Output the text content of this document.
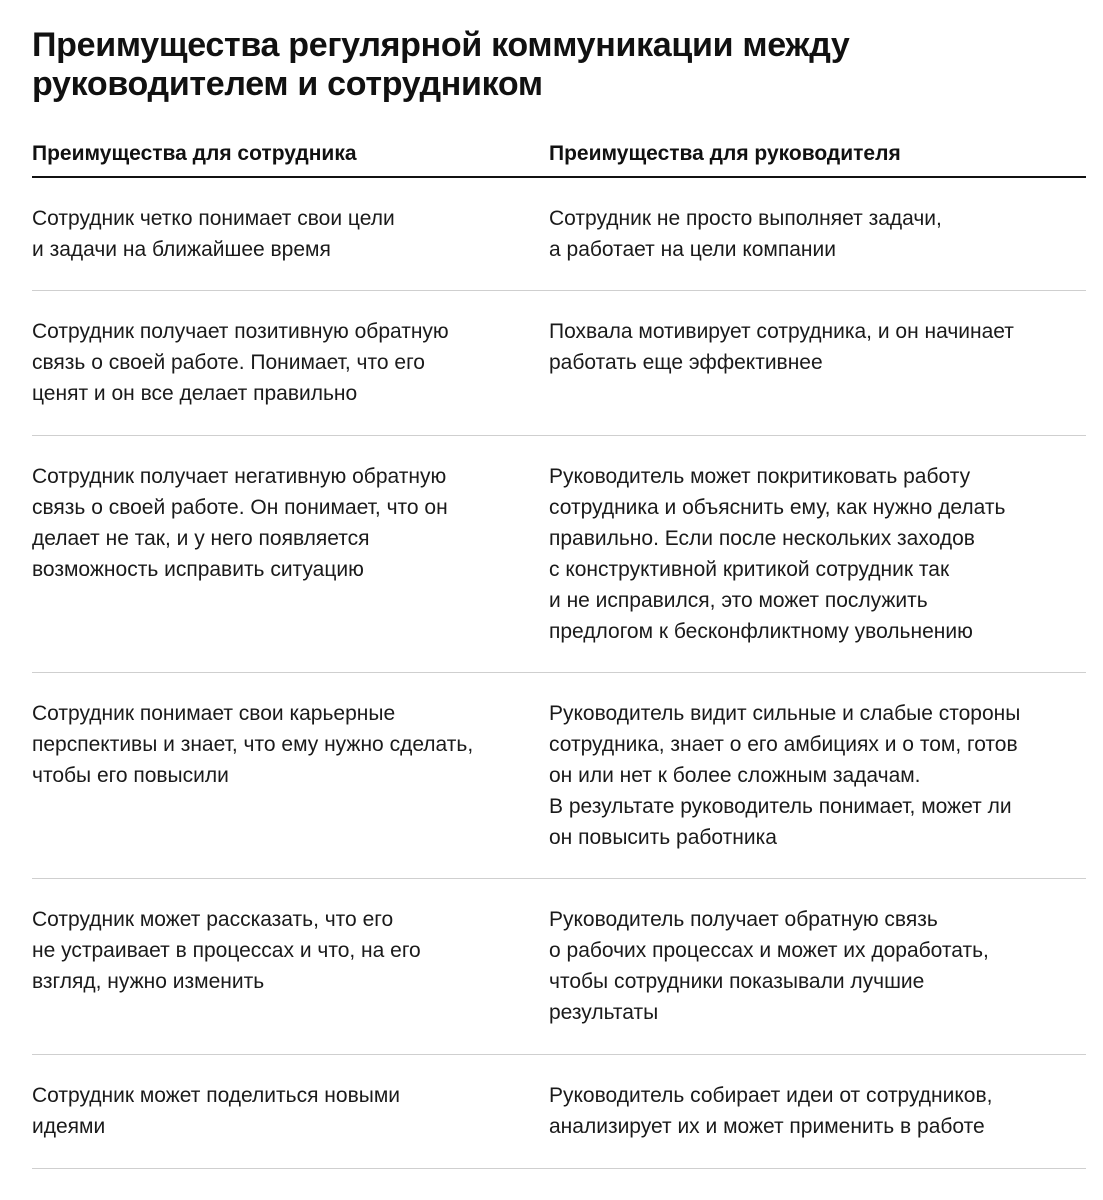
Преимущества регулярной коммуникации между
руководителем и сотрудником
Преимущества для сотрудника	Преимущества для руководителя
Сотрудник четко понимает свои цели
и задачи на ближайшее время
Сотрудник не просто выполняет задачи,
а работает на цели компании
Сотрудник получает позитивную обратную
связь о своей работе. Понимает, что его
ценят и он все делает правильно
Похвала мотивирует сотрудника, и он начинает
работать еще эффективнее
Сотрудник получает негативную обратную
связь о своей работе. Он понимает, что он
делает не так, и у него появляется
возможность исправить ситуацию
Руководитель может покритиковать работу
сотрудника и объяснить ему, как нужно делать
правильно. Если после нескольких заходов
с конструктивной критикой сотрудник так
и не исправился, это может послужить
предлогом к бесконфликтному увольнению
Сотрудник понимает свои карьерные
перспективы и знает, что ему нужно сделать,
чтобы его повысили
Руководитель видит сильные и слабые стороны
сотрудника, знает о его амбициях и о том, готов
он или нет к более сложным задачам.
В результате руководитель понимает, может ли
он повысить работника
Сотрудник может рассказать, что его
не устраивает в процессах и что, на его
взгляд, нужно изменить
Руководитель получает обратную связь
о рабочих процессах и может их доработать,
чтобы сотрудники показывали лучшие
результаты
Сотрудник может поделиться новыми
идеями
Руководитель собирает идеи от сотрудников,
анализирует их и может применить в работе
